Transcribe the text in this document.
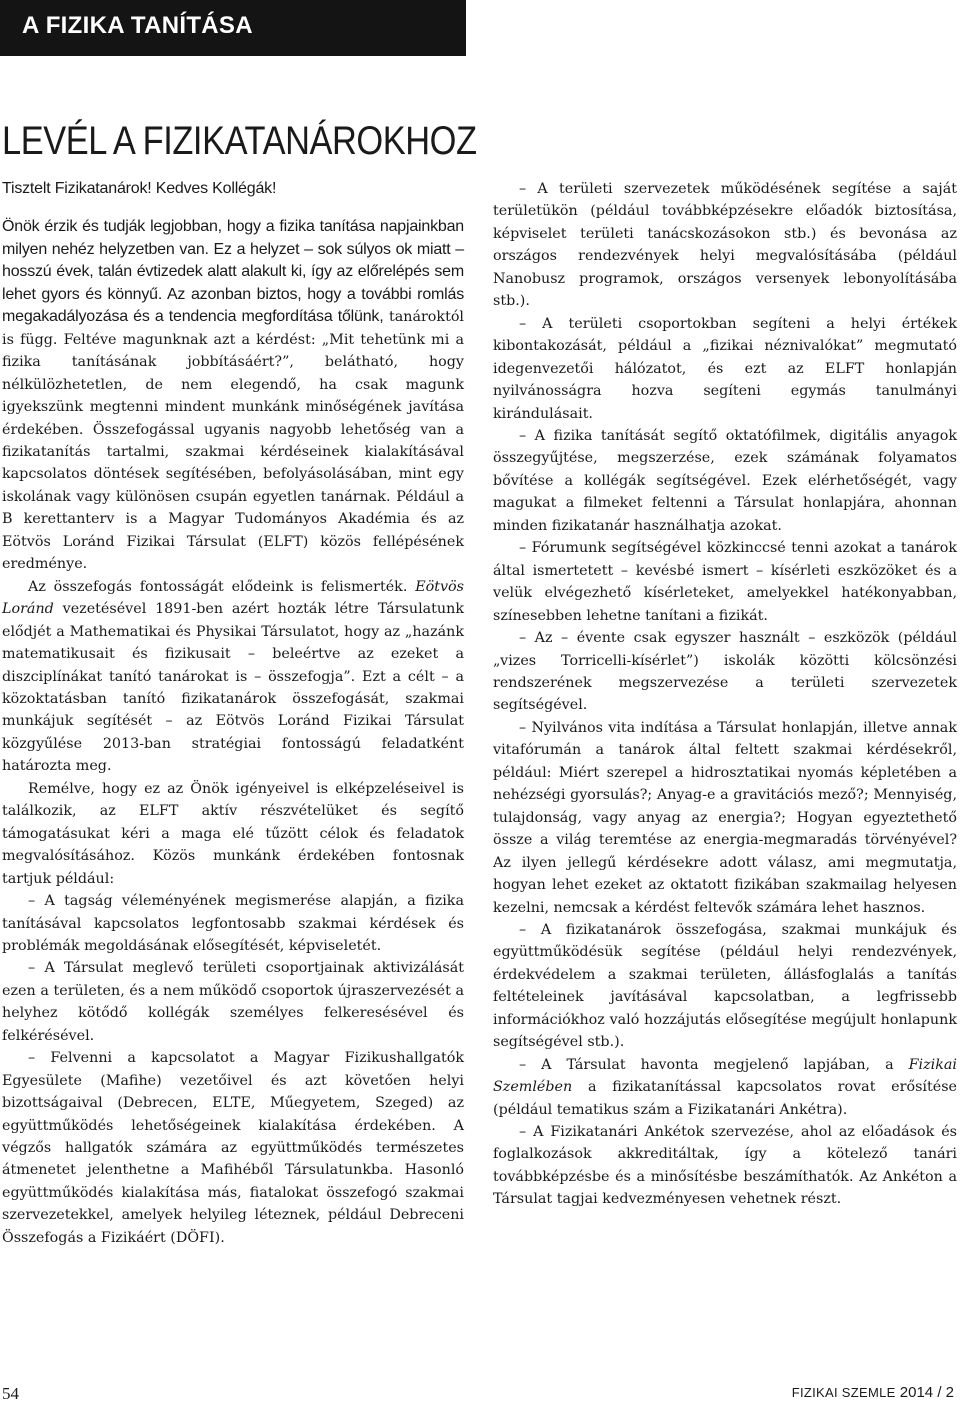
A FIZIKA TANÍTÁSA
LEVÉL A FIZIKATANÁROKHOZ

Tisztelt Fizikatanárok! Kedves Kollégák!

Önök érzik és tudják legjobban, hogy a fizika tanítása napjainkban milyen nehéz helyzetben van. Ez a helyzet – sok súlyos ok miatt – hosszú évek, talán évtizedek alatt alakult ki, így az előrelépés sem lehet gyors és könnyű. Az azonban biztos, hogy a további romlás megakadályozása és a tendencia megfordítása tőlünk, tanároktól is függ. Feltéve magunknak azt a kérdést: „Mit tehetünk mi a fizika tanításának jobbításáért?”, belátható, hogy nélkülözhetetlen, de nem elegendő, ha csak magunk igyekszünk megtenni mindent munkánk minőségének javítása érdekében. Összefogással ugyanis nagyobb lehetőség van a fizikatanítás tartalmi, szakmai kérdéseinek kialakításával kapcsolatos döntések segítésében, befolyásolásában, mint egy iskolának vagy különösen csupán egyetlen tanárnak. Például a B kerettanterv is a Magyar Tudományos Akadémia és az Eötvös Loránd Fizikai Társulat (ELFT) közös fellépésének eredménye.

Az összefogás fontosságát elődeink is felismerték. Eötvös Loránd vezetésével 1891-ben azért hozták létre Társulatunk elődjét a Mathematikai és Physikai Társulatot, hogy az „hazánk matematikusait és fizikusait – beleértve az ezeket a diszciplínákat tanító tanárokat is – összefogja”. Ezt a célt – a közoktatásban tanító fizikatanárok összefogását, szakmai munkájuk segítését – az Eötvös Loránd Fizikai Társulat közgyűlése 2013-ban stratégiai fontosságú feladatként határozta meg.

Remélve, hogy ez az Önök igényeivel is elképzeléseivel is találkozik, az ELFT aktív részvételüket és segítő támogatásukat kéri a maga elé tűzött célok és feladatok megvalósításához. Közös munkánk érdekében fontosnak tartjuk például:

– A tagság véleményének megismerése alapján, a fizika tanításával kapcsolatos legfontosabb szakmai kérdések és problémák megoldásának elősegítését, képviseletét.

– A Társulat meglevő területi csoportjainak aktivizálását ezen a területen, és a nem működő csoportok újraszervezését a helyhez kötődő kollégák személyes felkeresésével és felkérésével.

– Felvenni a kapcsolatot a Magyar Fizikushallgatók Egyesülete (Mafihe) vezetőivel és azt követően helyi bizottságaival (Debrecen, ELTE, Műegyetem, Szeged) az együttműködés lehetőségeinek kialakítása érdekében. A végzős hallgatók számára az együttműködés természetes átmenetet jelenthetne a Mafihéből Társulatunkba. Hasonló együttműködés kialakítása más, fiatalokat összefogó szakmai szervezetekkel, amelyek helyileg léteznek, például Debreceni Összefogás a Fizikáért (DÖFI).

– A területi szervezetek működésének segítése a saját területükön (például továbbképzésekre előadók biztosítása, képviselet területi tanácskozásokon stb.) és bevonása az országos rendezvények helyi megvalósításába (például Nanobusz programok, országos versenyek lebonyolításába stb.).

– A területi csoportokban segíteni a helyi értékek kibontakozását, például a „fizikai néznivalókat” megmutató idegenvezetői hálózatot, és ezt az ELFT honlapján nyilvánosságra hozva segíteni egymás tanulmányi kirándulásait.

– A fizika tanítását segítő oktatófilmek, digitális anyagok összegyűjtése, megszerzése, ezek számának folyamatos bővítése a kollégák segítségével. Ezek elérhetőségét, vagy magukat a filmeket feltenni a Társulat honlapjára, ahonnan minden fizikatanár használhatja azokat.

– Fórumunk segítségével közkinccsé tenni azokat a tanárok által ismertetett – kevésbé ismert – kísérleti eszközöket és a velük elvégezhető kísérleteket, amelyekkel hatékonyabban, színesebben lehetne tanítani a fizikát.

– Az – évente csak egyszer használt – eszközök (például „vizes Torricelli-kísérlet”) iskolák közötti kölcsönzési rendszerének megszervezése a területi szervezetek segítségével.

– Nyilvános vita indítása a Társulat honlapján, illetve annak vitafórumán a tanárok által feltett szakmai kérdésekről, például: Miért szerepel a hidrosztatikai nyomás képletében a nehézségi gyorsulás?; Anyag-e a gravitációs mező?; Mennyiség, tulajdonság, vagy anyag az energia?; Hogyan egyeztethető össze a világ teremtése az energia-megmaradás törvényével? Az ilyen jellegű kérdésekre adott válasz, ami megmutatja, hogyan lehet ezeket az oktatott fizikában szakmailag helyesen kezelni, nemcsak a kérdést feltevők számára lehet hasznos.

– A fizikatanárok összefogása, szakmai munkájuk és együttműködésük segítése (például helyi rendezvények, érdekvédelem a szakmai területen, állásfoglalás a tanítás feltételeinek javításával kapcsolatban, a legfrissebb információkhoz való hozzájutás elősegítése megújult honlapunk segítségével stb.).

– A Társulat havonta megjelenő lapjában, a Fizikai Szemlében a fizikatanítással kapcsolatos rovat erősítése (például tematikus szám a Fizikatanári Ankétra).

– A Fizikatanári Ankétok szervezése, ahol az előadások és foglalkozások akkreditáltak, így a kötelező tanári továbbképzésbe és a minősítésbe beszámíthatók. Az Ankéton a Társulat tagjai kedvezményesen vehetnek részt.

54	FIZIKAI SZEMLE 2014 / 2
